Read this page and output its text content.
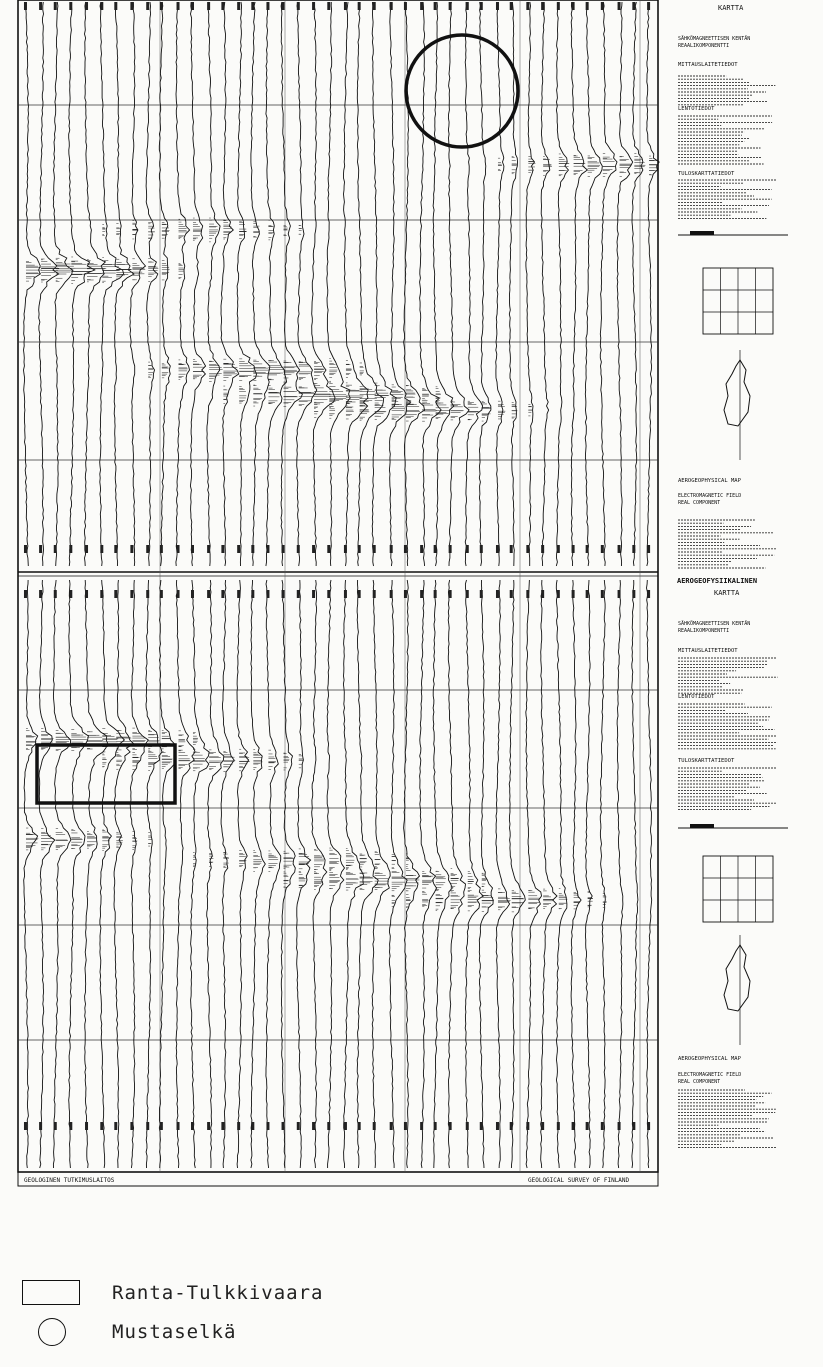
GEOLOGINEN TUTKIMUSLAITOS	GEOLOGICAL SURVEY OF FINLAND
KARTTA
SÄHKÖMAGNEETTISEN KENTÄN
REAALIKOMPONENTTI
MITTAUSLAITETIEDOT
LENTOTIEDOT
TULOSKARTTATIEDOT
AEROGEOPHYSICAL MAP
ELECTROMAGNETIC FIELD
REAL COMPONENT
AEROGEOFYSIIKALINEN
KARTTA
SÄHKÖMAGNEETTISEN KENTÄN
REAALIKOMPONENTTI
MITTAUSLAITETIEDOT
LENTOTIEDOT
TULOSKARTTATIEDOT
AEROGEOPHYSICAL MAP
ELECTROMAGNETIC FIELD
REAL COMPONENT
Ranta-Tulkkivaara
Mustaselkä
